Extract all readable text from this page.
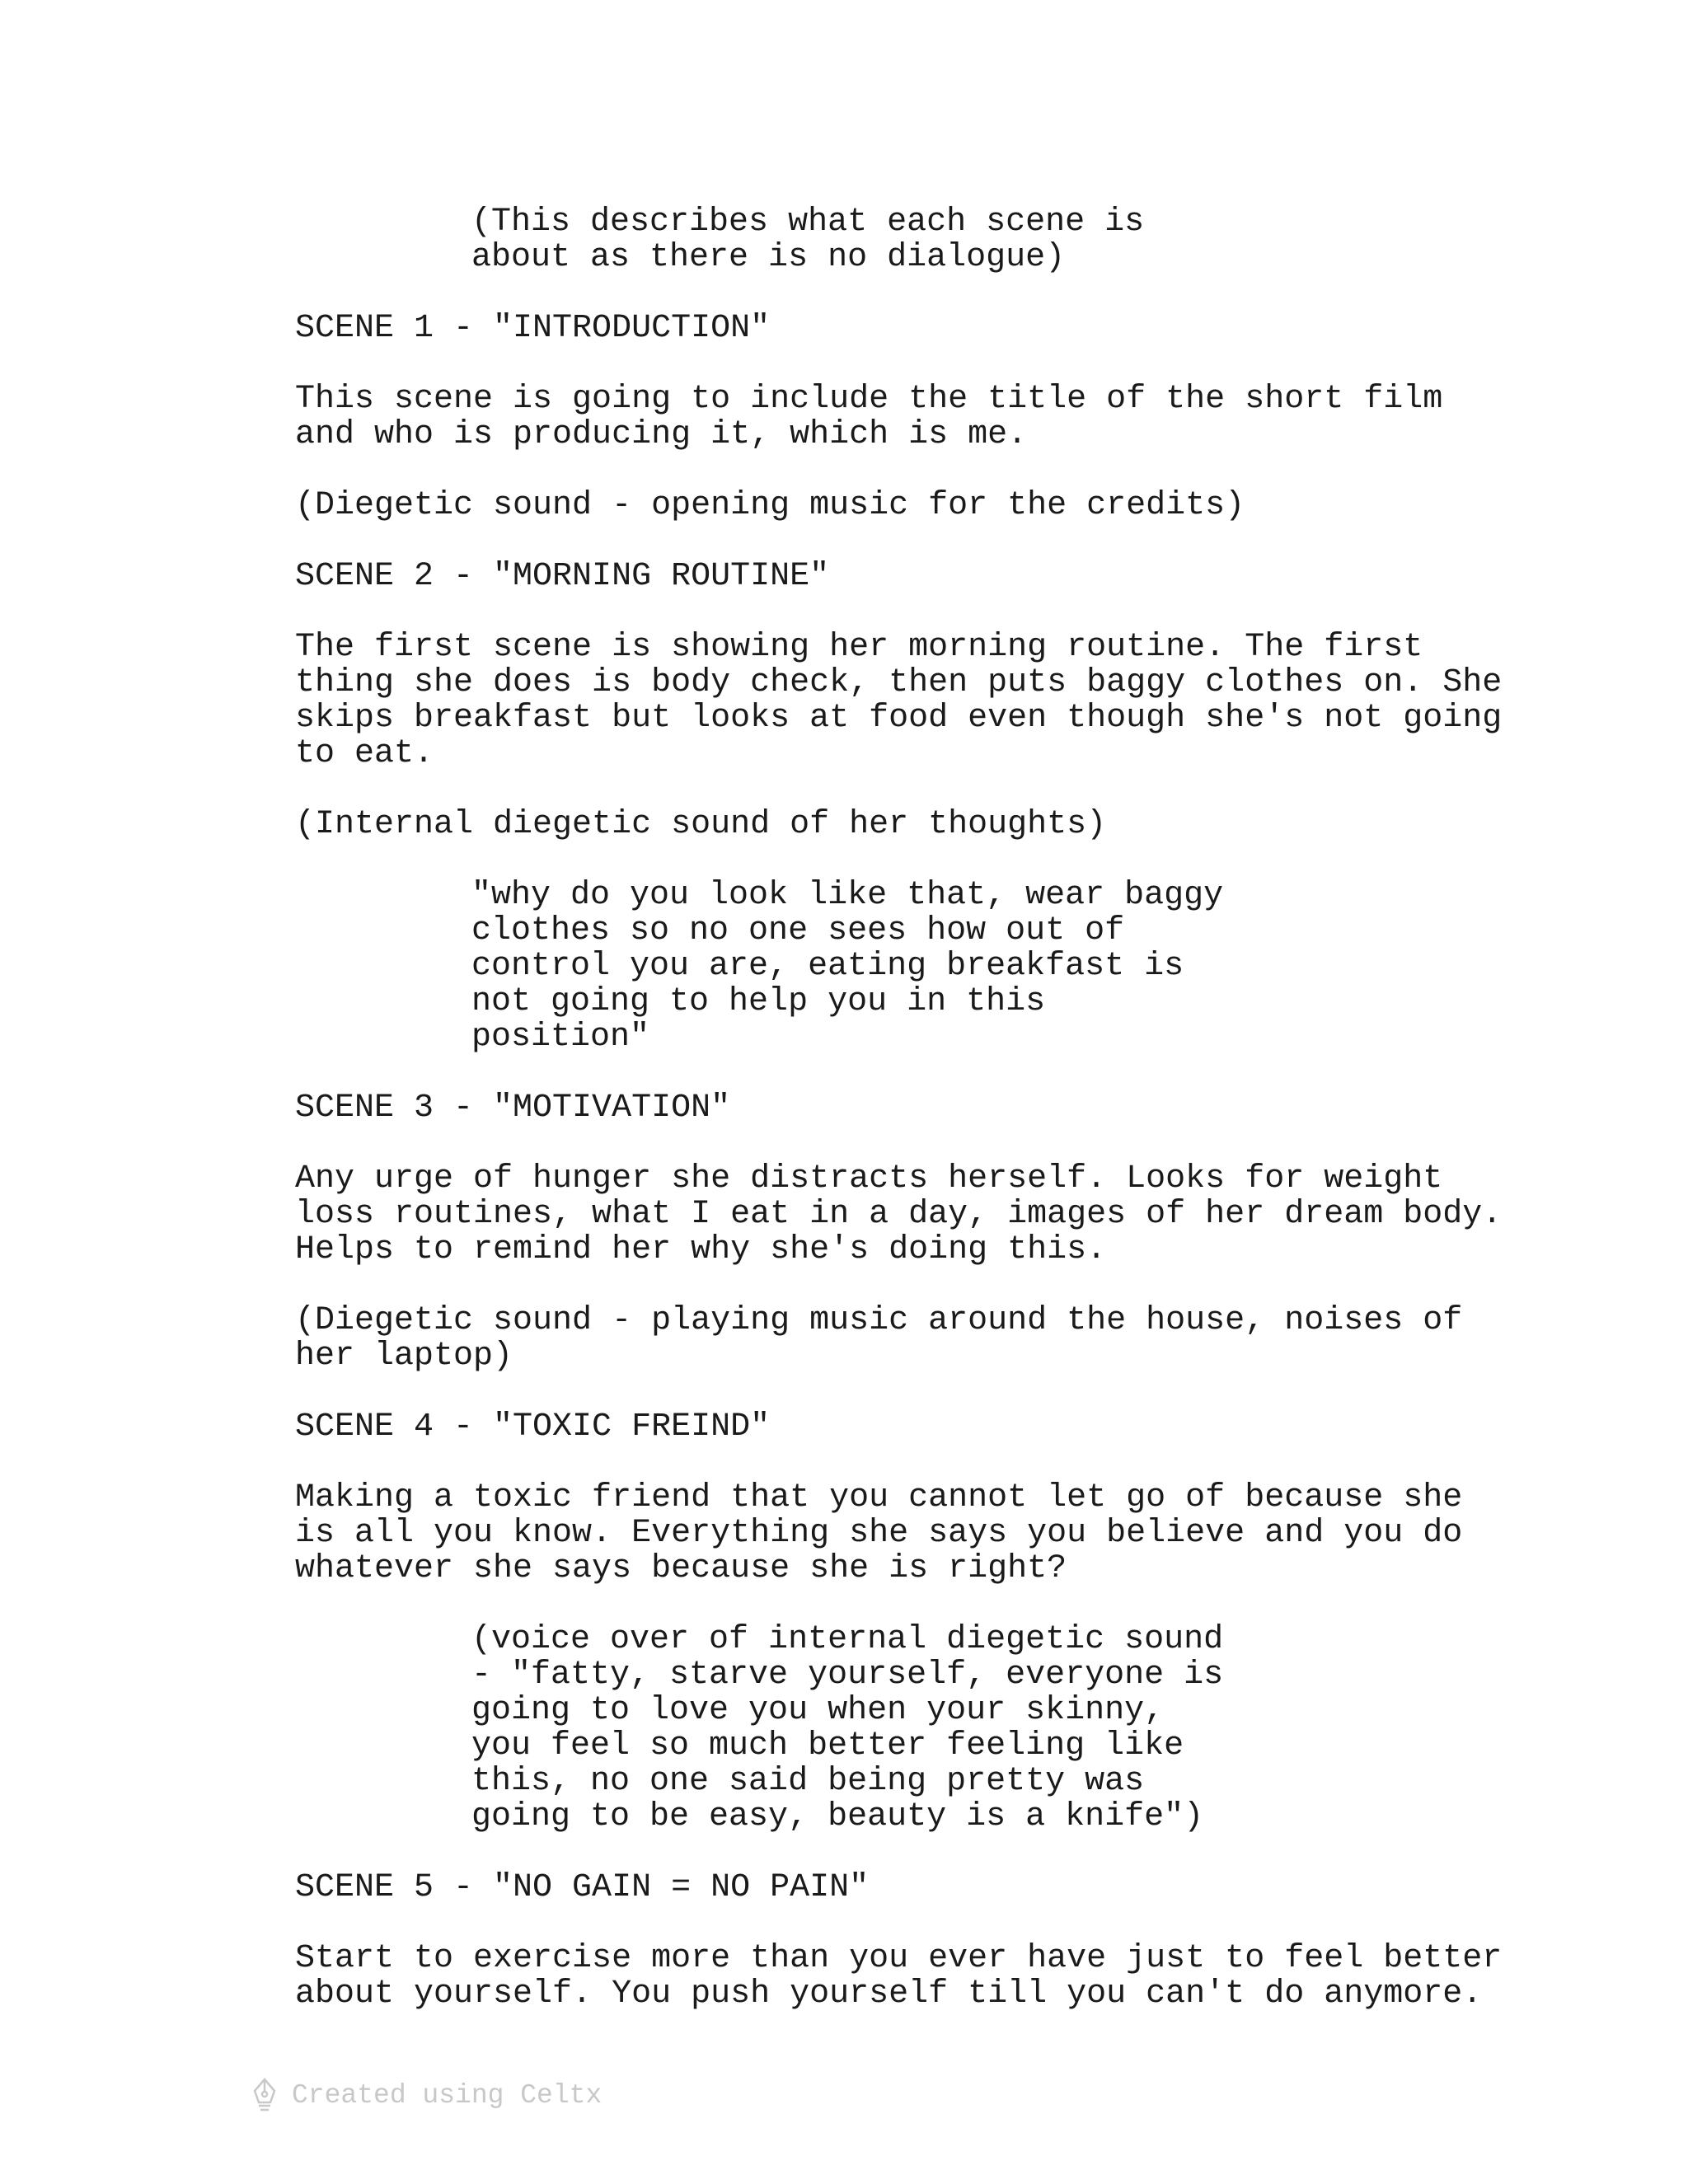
(This describes what each scene is
about as there is no dialogue)
SCENE 1 - "INTRODUCTION"
This scene is going to include the title of the short film
and who is producing it, which is me.
(Diegetic sound - opening music for the credits)
SCENE 2 - "MORNING ROUTINE"
The first scene is showing her morning routine. The first
thing she does is body check, then puts baggy clothes on. She
skips breakfast but looks at food even though she's not going
to eat.
(Internal diegetic sound of her thoughts)
"why do you look like that, wear baggy
clothes so no one sees how out of
control you are, eating breakfast is
not going to help you in this
position"
SCENE 3 - "MOTIVATION"
Any urge of hunger she distracts herself. Looks for weight
loss routines, what I eat in a day, images of her dream body.
Helps to remind her why she's doing this.
(Diegetic sound - playing music around the house, noises of
her laptop)
SCENE 4 - "TOXIC FREIND"
Making a toxic friend that you cannot let go of because she
is all you know. Everything she says you believe and you do
whatever she says because she is right?
(voice over of internal diegetic sound
- "fatty, starve yourself, everyone is
going to love you when your skinny,
you feel so much better feeling like
this, no one said being pretty was
going to be easy, beauty is a knife")
SCENE 5 - "NO GAIN = NO PAIN"
Start to exercise more than you ever have just to feel better
about yourself. You push yourself till you can't do anymore.
Created using Celtx
